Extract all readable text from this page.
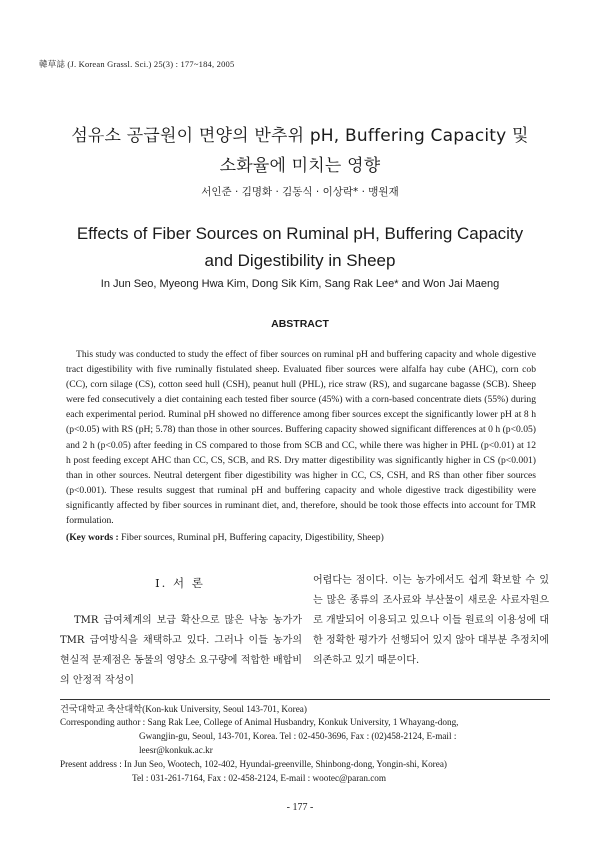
韓草誌 (J. Korean Grassl. Sci.) 25(3) : 177~184, 2005
섬유소 공급원이 면양의 반추위 pH, Buffering Capacity 및
소화율에 미치는 영향
서인준 · 김명화 · 김동식 · 이상락* · 맹원재
Effects of Fiber Sources on Ruminal pH, Buffering Capacity
and Digestibility in Sheep
In Jun Seo, Myeong Hwa Kim, Dong Sik Kim, Sang Rak Lee* and Won Jai Maeng
ABSTRACT

This study was conducted to study the effect of fiber sources on ruminal pH and buffering capacity and whole digestive tract digestibility with five ruminally fistulated sheep. Evaluated fiber sources were alfalfa hay cube (AHC), corn cob (CC), corn silage (CS), cotton seed hull (CSH), peanut hull (PHL), rice straw (RS), and sugarcane bagasse (SCB). Sheep were fed consecutively a diet containing each tested fiber source (45%) with a corn-based concentrate diets (55%) during each experimental period. Ruminal pH showed no difference among fiber sources except the significantly lower pH at 8 h (p<0.05) with RS (pH; 5.78) than those in other sources. Buffering capacity showed significant differences at 0 h (p<0.05) and 2 h (p<0.05) after feeding in CS compared to those from SCB and CC, while there was higher in PHL (p<0.01) at 12 h post feeding except AHC than CC, CS, SCB, and RS. Dry matter digestibility was significantly higher in CS (p<0.001) than in other sources. Neutral detergent fiber digestibility was higher in CC, CS, CSH, and RS than other fiber sources (p<0.001). These results suggest that ruminal pH and buffering capacity and whole digestive track digestibility were significantly affected by fiber sources in ruminant diet, and, therefore, should be took those effects into account for TMR formulation.

(Key words : Fiber sources, Ruminal pH, Buffering capacity, Digestibility, Sheep)
Ⅰ. 서 론

TMR 급여체계의 보급 확산으로 많은 낙농 농가가 TMR 급여방식을 채택하고 있다. 그러나 이들 농가의 현실적 문제점은 동물의 영양소 요구량에 적합한 배합비의 안정적 작성이

어렵다는 점이다. 이는 농가에서도 쉽게 확보할 수 있는 많은 종류의 조사료와 부산물이 새로운 사료자원으로 개발되어 이용되고 있으나 이들 원료의 이용성에 대한 정확한 평가가 선행되어 있지 않아 대부분 추정치에 의존하고 있기 때문이다.

건국대학교 축산대학(Kon-kuk University, Seoul 143-701, Korea)
Corresponding author : Sang Rak Lee, College of Animal Husbandry, Konkuk University, 1 Whayang-dong,
Gwangjin-gu, Seoul, 143-701, Korea. Tel : 02-450-3696, Fax : (02)458-2124, E-mail :
leesr@konkuk.ac.kr
Present address : In Jun Seo, Wootech, 102-402, Hyundai-greenville, Shinbong-dong, Yongin-shi, Korea)
Tel : 031-261-7164, Fax : 02-458-2124, E-mail : wootec@paran.com
- 177 -
